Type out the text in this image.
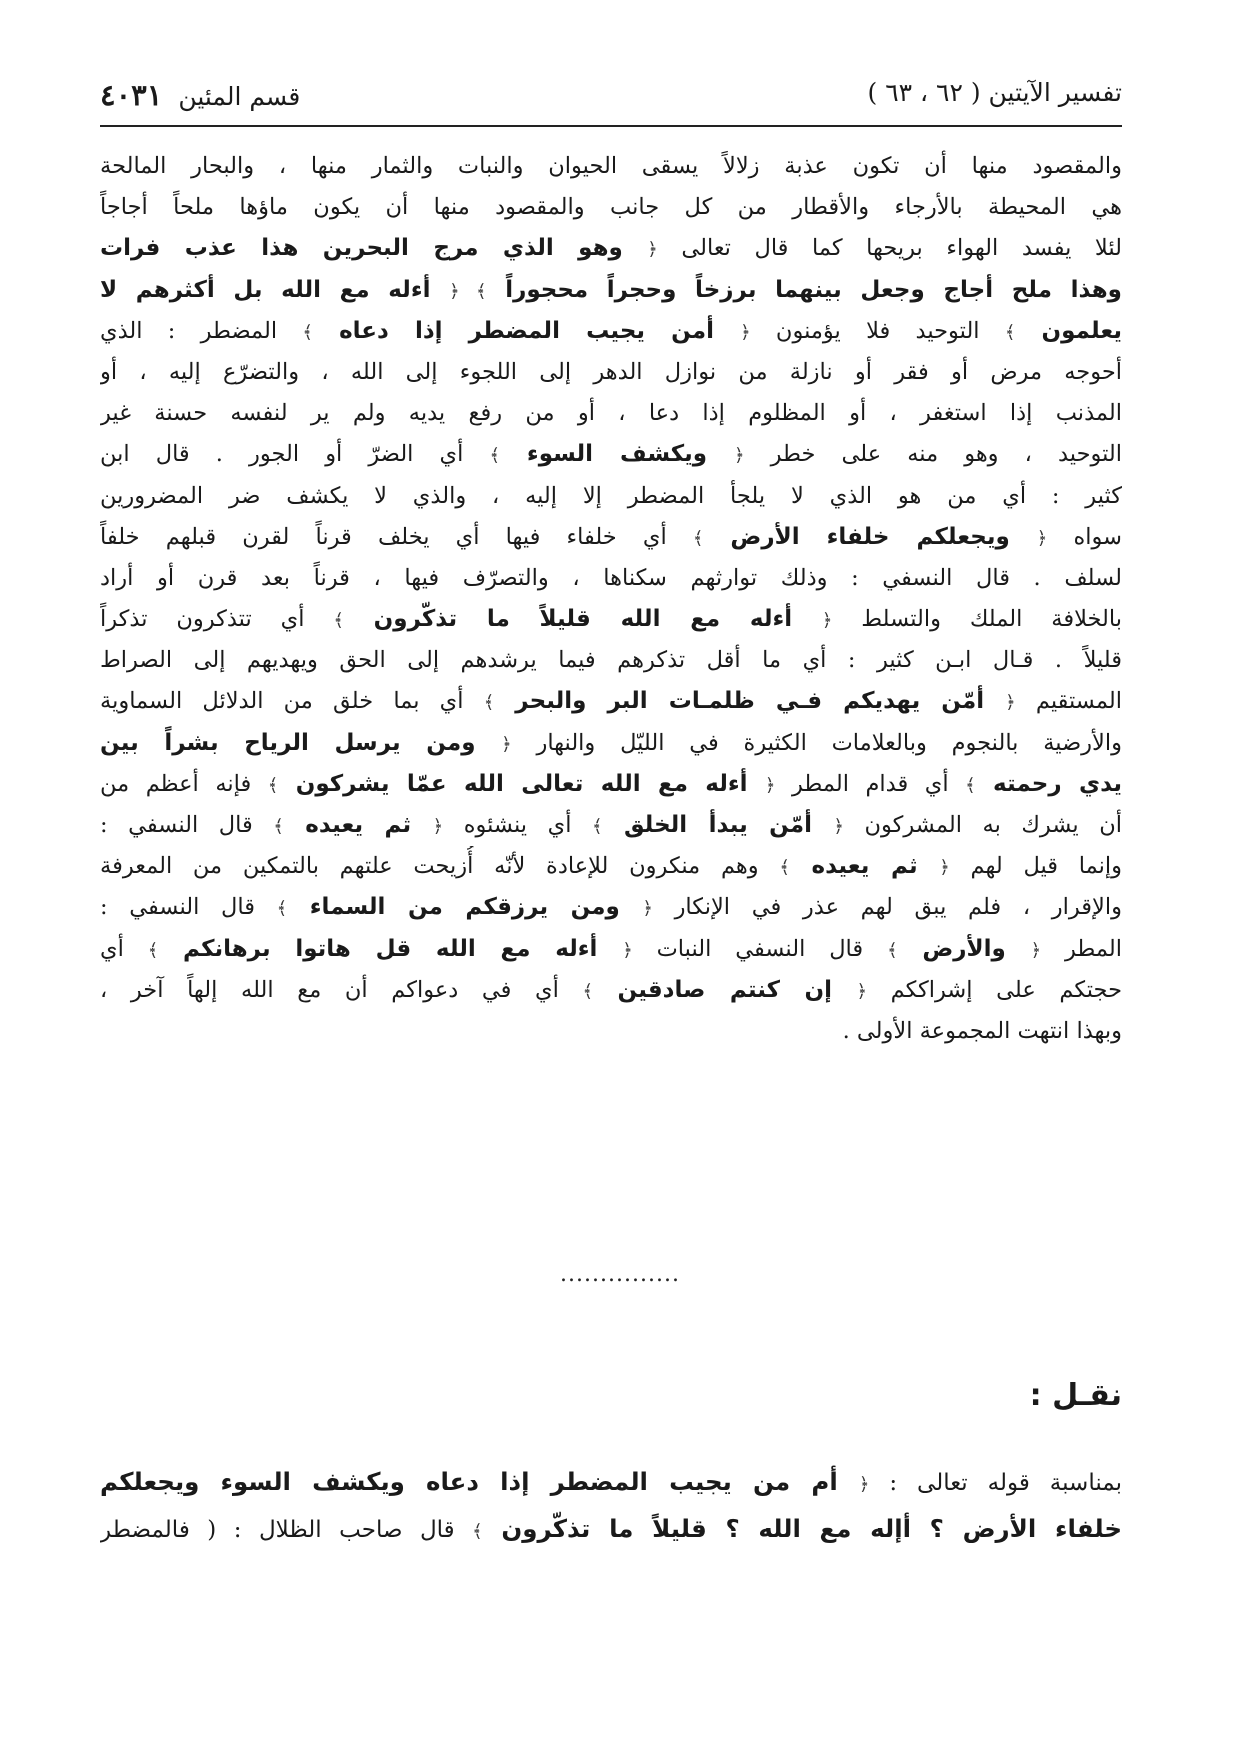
تفسير الآيتين ( ٦٢ ، ٦٣ )
قسم المئين٤٠٣١
والمقصود منها أن تكون عذبة زلالاً يسقى الحيوان والنبات والثمار منها ، والبحار المالحة
هي المحيطة بالأرجاء والأقطار من كل جانب والمقصود منها أن يكون ماؤها ملحاً أجاجاً
لئلا يفسد الهواء بريحها كما قال تعالى ﴿ وهو الذي مرج البحرين هذا عذب فرات
وهذا ملح أجاج وجعل بينهما برزخاً وحجراً محجوراً ﴾ ﴿ أءله مع الله بل أكثرهم لا
يعلمون ﴾ التوحيد فلا يؤمنون ﴿ أمن يجيب المضطر إذا دعاه ﴾ المضطر : الذي
أحوجه مرض أو فقر أو نازلة من نوازل الدهر إلى اللجوء إلى الله ، والتضرّع إليه ، أو
المذنب إذا استغفر ، أو المظلوم إذا دعا ، أو من رفع يديه ولم ير لنفسه حسنة غير
التوحيد ، وهو منه على خطر ﴿ ويكشف السوء ﴾ أي الضرّ أو الجور . قال ابن
كثير : أي من هو الذي لا يلجأ المضطر إلا إليه ، والذي لا يكشف ضر المضرورين
سواه ﴿ ويجعلكم خلفاء الأرض ﴾ أي خلفاء فيها أي يخلف قرناً لقرن قبلهم خلفاً
لسلف . قال النسفي : وذلك توارثهم سكناها ، والتصرّف فيها ، قرناً بعد قرن أو أراد
بالخلافة الملك والتسلط ﴿ أءله مع الله قليلاً ما تذكّرون ﴾ أي تتذكرون تذكراً
قليلاً . قـال ابـن كثير : أي ما أقل تذكرهم فيما يرشدهم إلى الحق ويهديهم إلى الصراط
المستقيم ﴿ أمّن يهديكم فـي ظلمـات البر والبحر ﴾ أي بما خلق من الدلائل السماوية
والأرضية بالنجوم وبالعلامات الكثيرة في الليّل والنهار ﴿ ومن يرسل الرياح بشراً بين
يدي رحمته ﴾ أي قدام المطر ﴿ أءله مع الله تعالى الله عمّا يشركون ﴾ فإنه أعظم من
أن يشرك به المشركون ﴿ أمّن يبدأ الخلق ﴾ أي ينشئوه ﴿ ثم يعيده ﴾ قال النسفي :
وإنما قيل لهم ﴿ ثم يعيده ﴾ وهم منكرون للإعادة لأنّه أُزيحت علتهم بالتمكين من المعرفة
والإقرار ، فلم يبق لهم عذر في الإنكار ﴿ ومن يرزقكم من السماء ﴾ قال النسفي :
المطر ﴿ والأرض ﴾ قال النسفي النبات ﴿ أءله مع الله قل هاتوا برهانكم ﴾ أي
حجتكم على إشراككم ﴿ إن كنتم صادقين ﴾ أي في دعواكم أن مع الله إلهاً آخر ،
وبهذا انتهت المجموعة الأولى .
...............
نقـل :
بمناسبة قوله تعالى : ﴿ أم من يجيب المضطر إذا دعاه ويكشف السوء ويجعلكم
خلفاء الأرض ؟ أإله مع الله ؟ قليلاً ما تذكّرون ﴾ قال صاحب الظلال : ( فالمضطر
